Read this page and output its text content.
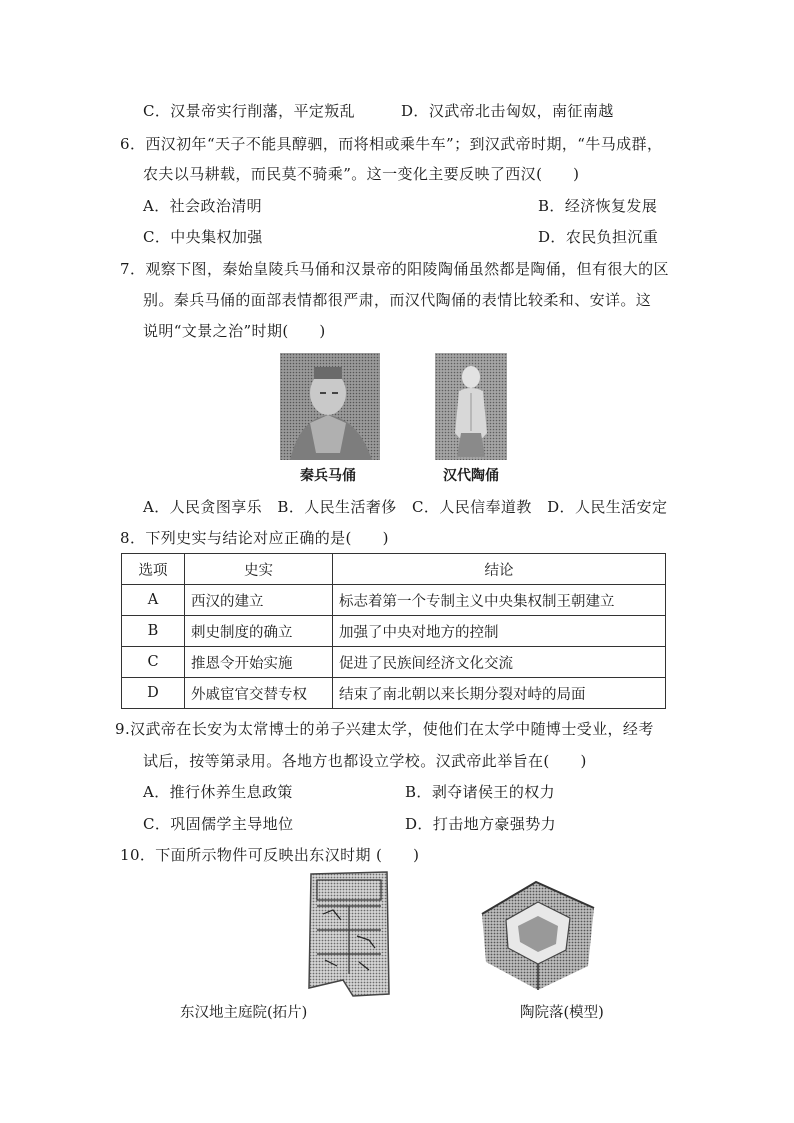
C．汉景帝实行削藩，平定叛乱	D．汉武帝北击匈奴，南征南越
6．西汉初年“天子不能具醇驷，而将相或乘牛车”；到汉武帝时期，“牛马成群，
农夫以马耕载，而民莫不骑乘”。这一变化主要反映了西汉(　　)
A．社会政治清明	B．经济恢复发展
C．中央集权加强	D．农民负担沉重
7．观察下图，秦始皇陵兵马俑和汉景帝的阳陵陶俑虽然都是陶俑，但有很大的区
别。秦兵马俑的面部表情都很严肃，而汉代陶俑的表情比较柔和、安详。这
说明“文景之治”时期(　　)
秦兵马俑	汉代陶俑
A．人民贪图享乐　B．人民生活奢侈　C．人民信奉道教　D．人民生活安定
8．下列史实与结论对应正确的是(　　)
选项	史实	结论
A	西汉的建立	标志着第一个专制主义中央集权制王朝建立
B	刺史制度的确立	加强了中央对地方的控制
C	推恩令开始实施	促进了民族间经济文化交流
D	外戚宦官交替专权	结束了南北朝以来长期分裂对峙的局面
9.汉武帝在长安为太常博士的弟子兴建太学，使他们在太学中随博士受业，经考
试后，按等第录用。各地方也都设立学校。汉武帝此举旨在(　　)
A．推行休养生息政策	B．剥夺诸侯王的权力
C．巩固儒学主导地位	D．打击地方豪强势力
10．下面所示物件可反映出东汉时期 (　　)
东汉地主庭院(拓片)	陶院落(模型)
